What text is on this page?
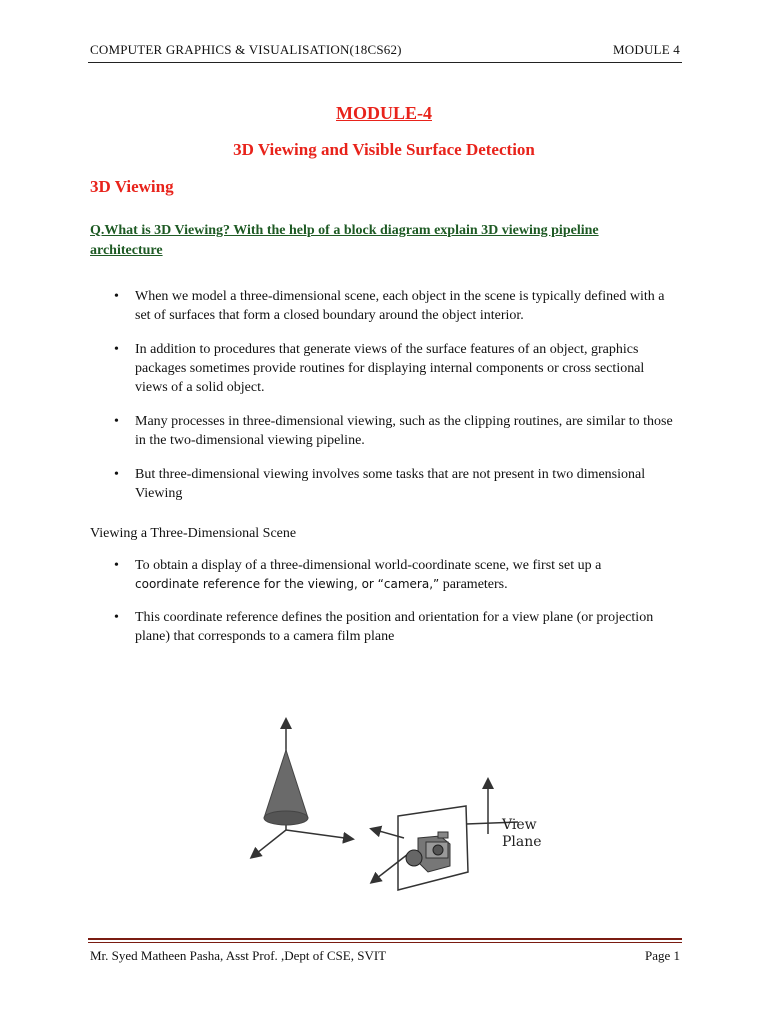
COMPUTER GRAPHICS & VISUALISATION(18CS62)	MODULE 4
MODULE-4
3D Viewing and Visible Surface Detection
3D Viewing
Q.What is 3D Viewing? With the help of a block diagram explain 3D viewing pipeline architecture
• When we model a three-dimensional scene, each object in the scene is typically defined with a set of surfaces that form a closed boundary around the object interior.
• In addition to procedures that generate views of the surface features of an object, graphics packages sometimes provide routines for displaying internal components or cross sectional views of a solid object.
• Many processes in three-dimensional viewing, such as the clipping routines, are similar to those in the two-dimensional viewing pipeline.
• But three-dimensional viewing involves some tasks that are not present in two dimensional Viewing
Viewing a Three-Dimensional Scene
• To obtain a display of a three-dimensional world-coordinate scene, we first set up a
coordinate reference for the viewing, or “camera,” parameters.
• This coordinate reference defines the position and orientation for a view plane (or projection plane) that corresponds to a camera film plane
View
Plane
Mr. Syed Matheen Pasha, Asst Prof. ,Dept of CSE, SVIT	Page 1
